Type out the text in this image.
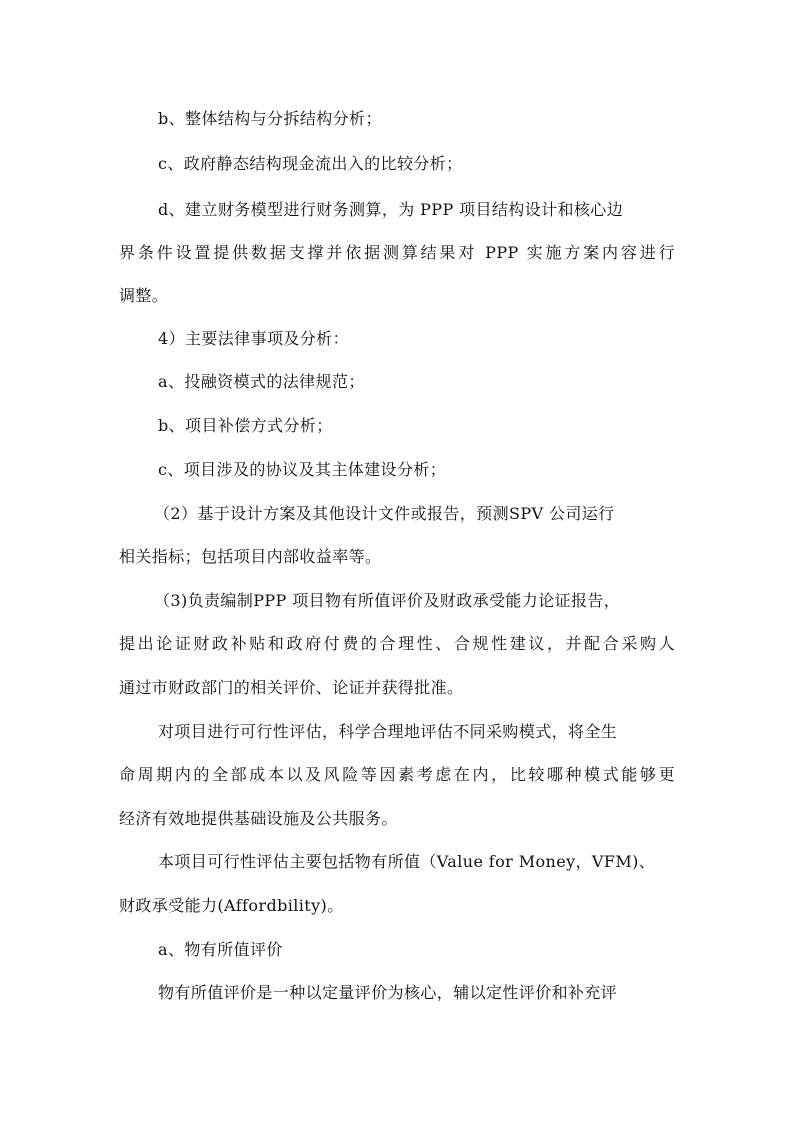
b、整体结构与分拆结构分析；
c、政府静态结构现金流出入的比较分析；
d、建立财务模型进行财务测算，为 PPP 项目结构设计和核心边
界条件设置提供数据支撑并依据测算结果对 PPP 实施方案内容进行
调整。
4）主要法律事项及分析：
a、投融资模式的法律规范；
b、项目补偿方式分析；
c、项目涉及的协议及其主体建设分析；
（2）基于设计方案及其他设计文件或报告，预测SPV 公司运行
相关指标；包括项目内部收益率等。
（3)负责编制PPP 项目物有所值评价及财政承受能力论证报告，
提出论证财政补贴和政府付费的合理性、合规性建议，并配合采购人
通过市财政部门的相关评价、论证并获得批准。
对项目进行可行性评估，科学合理地评估不同采购模式，将全生
命周期内的全部成本以及风险等因素考虑在内，比较哪种模式能够更
经济有效地提供基础设施及公共服务。
本项目可行性评估主要包括物有所值（Value for Money，VFM)、
财政承受能力(Affordbility)。
a、物有所值评价
物有所值评价是一种以定量评价为核心，辅以定性评价和补充评
